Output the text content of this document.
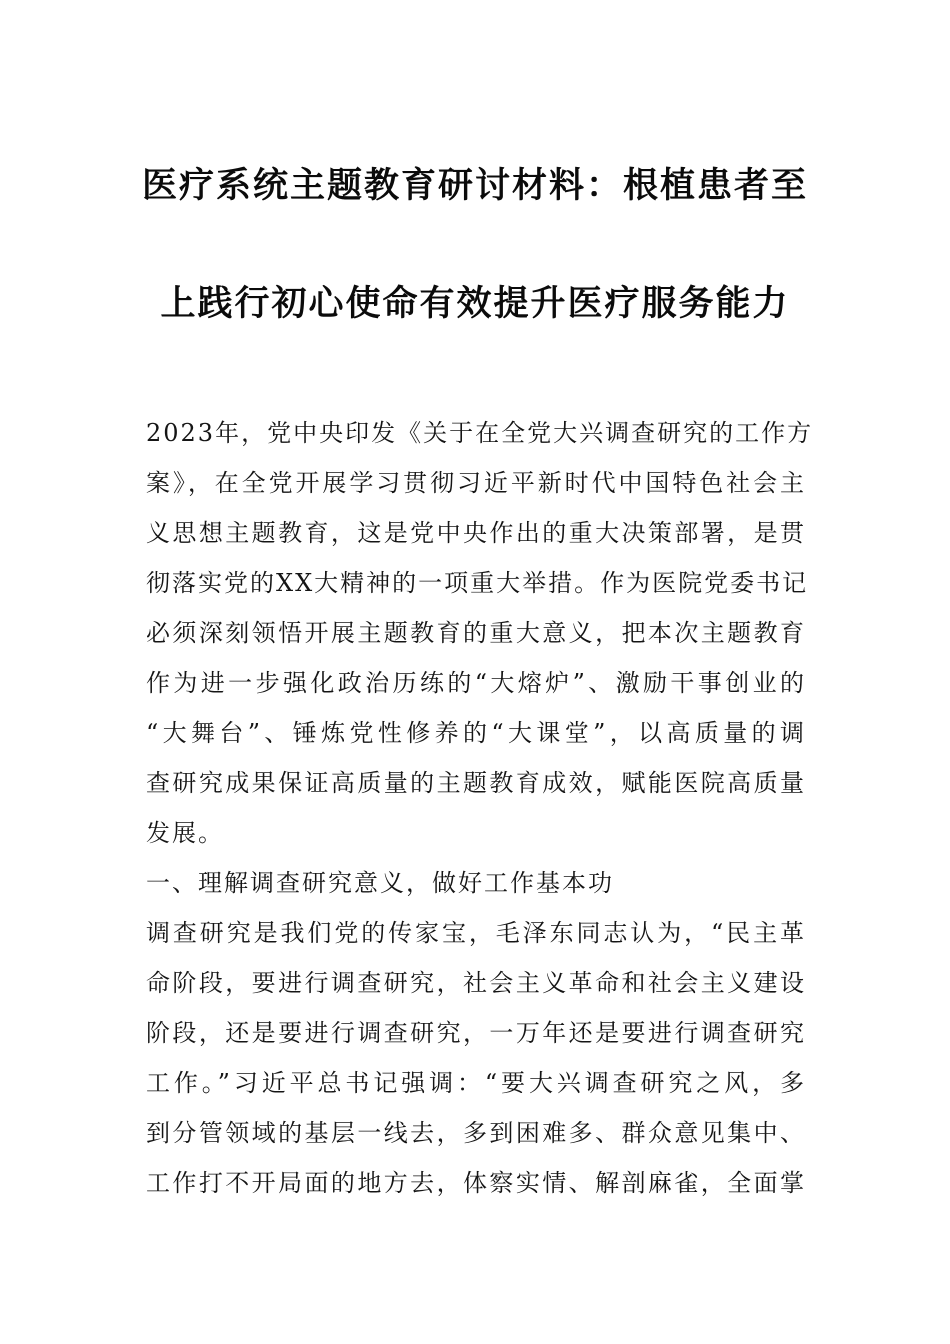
医疗系统主题教育研讨材料：根植患者至
上践行初心使命有效提升医疗服务能力
2023年，党中央印发《关于在全党大兴调查研究的工作方
案》，在全党开展学习贯彻习近平新时代中国特色社会主
义思想主题教育，这是党中央作出的重大决策部署，是贯
彻落实党的XX大精神的一项重大举措。作为医院党委书记
必须深刻领悟开展主题教育的重大意义，把本次主题教育
作为进一步强化政治历练的“大熔炉”、激励干事创业的
“大舞台”、锤炼党性修养的“大课堂”，以高质量的调
查研究成果保证高质量的主题教育成效，赋能医院高质量
发展。
一、理解调查研究意义，做好工作基本功
调查研究是我们党的传家宝，毛泽东同志认为，“民主革
命阶段，要进行调查研究，社会主义革命和社会主义建设
阶段，还是要进行调查研究，一万年还是要进行调查研究
工作。”习近平总书记强调：“要大兴调查研究之风，多
到分管领域的基层一线去，多到困难多、群众意见集中、
工作打不开局面的地方去，体察实情、解剖麻雀，全面掌
